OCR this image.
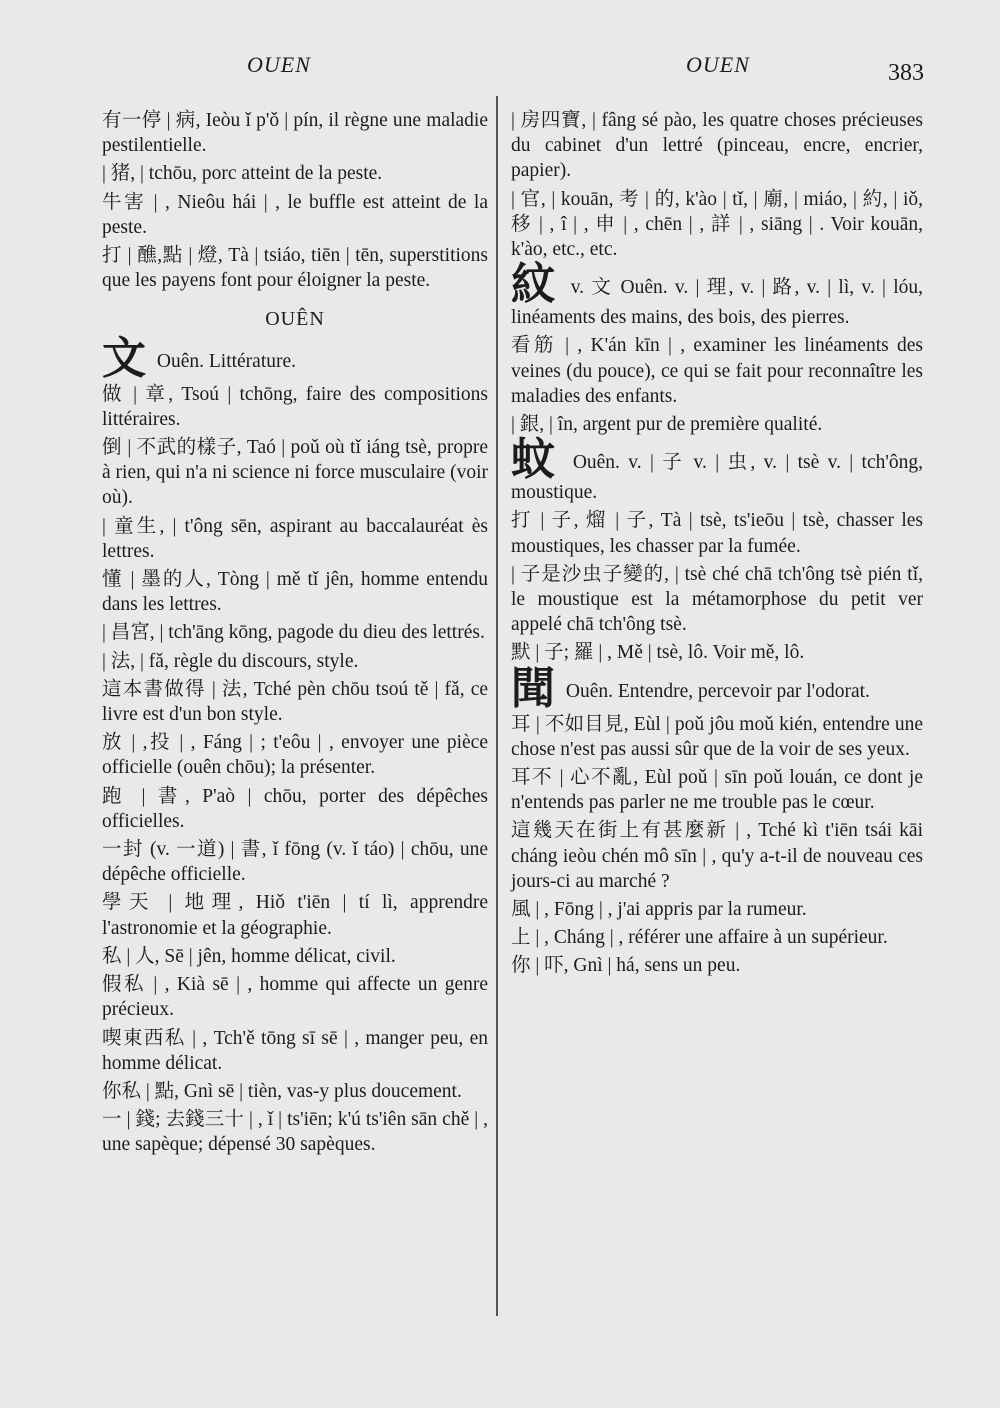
OUEN	OUEN	383

有一停 | 病, Ieòu ǐ p'ǒ | pín, il règne une maladie pestilentielle.

| 猪, | tchōu, porc atteint de la peste.

牛害 | , Nieôu hái | , le buffle est atteint de la peste.

打 | 醮,點 | 燈, Tà | tsiáo, tiēn | tēn, superstitions que les payens font pour éloigner la peste.

OUÊN

文 Ouên. Littérature.

做 | 章, Tsoú | tchōng, faire des compositions littéraires.

倒 | 不武的樣子, Taó | poǔ où tǐ iáng tsè, propre à rien, qui n'a ni science ni force musculaire (voir où).

| 童生, | t'ông sēn, aspirant au baccalauréat ès lettres.

懂 | 墨的人, Tòng | mě tǐ jên, homme entendu dans les lettres.

| 昌宮, | tch'āng kōng, pagode du dieu des lettrés.

| 法, | fǎ, règle du discours, style.

這本書做得 | 法, Tché pèn chōu tsoú tě | fǎ, ce livre est d'un bon style.

放 | ,投 | , Fáng | ; t'eôu | , envoyer une pièce officielle (ouên chōu); la présenter.

跑 | 書, P'aò | chōu, porter des dépêches officielles.

一封 (v. 一道) | 書, ǐ fōng (v. ǐ táo) | chōu, une dépêche officielle.

學天 | 地理, Hiǒ t'iēn | tí lì, apprendre l'astronomie et la géographie.

私 | 人, Sē | jên, homme délicat, civil.

假私 | , Kià sē | , homme qui affecte un genre précieux.

喫東西私 | , Tch'ě tōng sī sē | , manger peu, en homme délicat.

你私 | 點, Gnì sē | tièn, vas-y plus doucement.

一 | 錢; 去錢三十 | , ǐ | ts'iēn; k'ú ts'iên sān chě | , une sapèque; dépensé 30 sapèques.

| 房四寶, | fâng sé pào, les quatre choses précieuses du cabinet d'un lettré (pinceau, encre, encrier, papier).

| 官, | kouān, 考 | 的, k'ào | tǐ, | 廟, | miáo, | 約, | iǒ, 移 | , î | , 申 | , chēn | , 詳 | , siāng | . Voir kouān, k'ào, etc., etc.

紋 v. 文 Ouên. v. | 理, v. | 路, v. | lì, v. | lóu, linéaments des mains, des bois, des pierres.

看筋 | , K'án kīn | , examiner les linéaments des veines (du pouce), ce qui se fait pour reconnaître les maladies des enfants.

| 銀, | în, argent pur de première qualité.

蚊 Ouên. v. | 子 v. | 虫, v. | tsè v. | tch'ông, moustique.

打 | 子, 熘 | 子, Tà | tsè, ts'ieōu | tsè, chasser les moustiques, les chasser par la fumée.

| 子是沙虫子變的, | tsè ché chā tch'ông tsè pién tǐ, le moustique est la métamorphose du petit ver appelé chā tch'ông tsè.

默 | 子; 羅 | , Mě | tsè, lô. Voir mě, lô.

聞 Ouên. Entendre, percevoir par l'odorat.

耳 | 不如目見, Eùl | poǔ jôu moǔ kién, entendre une chose n'est pas aussi sûr que de la voir de ses yeux.

耳不 | 心不亂, Eùl poǔ | sīn poǔ louán, ce dont je n'entends pas parler ne me trouble pas le cœur.

這幾天在街上有甚麼新 | , Tché kì t'iēn tsái kāi cháng ieòu chén mô sīn | , qu'y a-t-il de nouveau ces jours-ci au marché ?

風 | , Fōng | , j'ai appris par la rumeur.

上 | , Cháng | , référer une affaire à un supérieur.

你 | 吓, Gnì | há, sens un peu.
